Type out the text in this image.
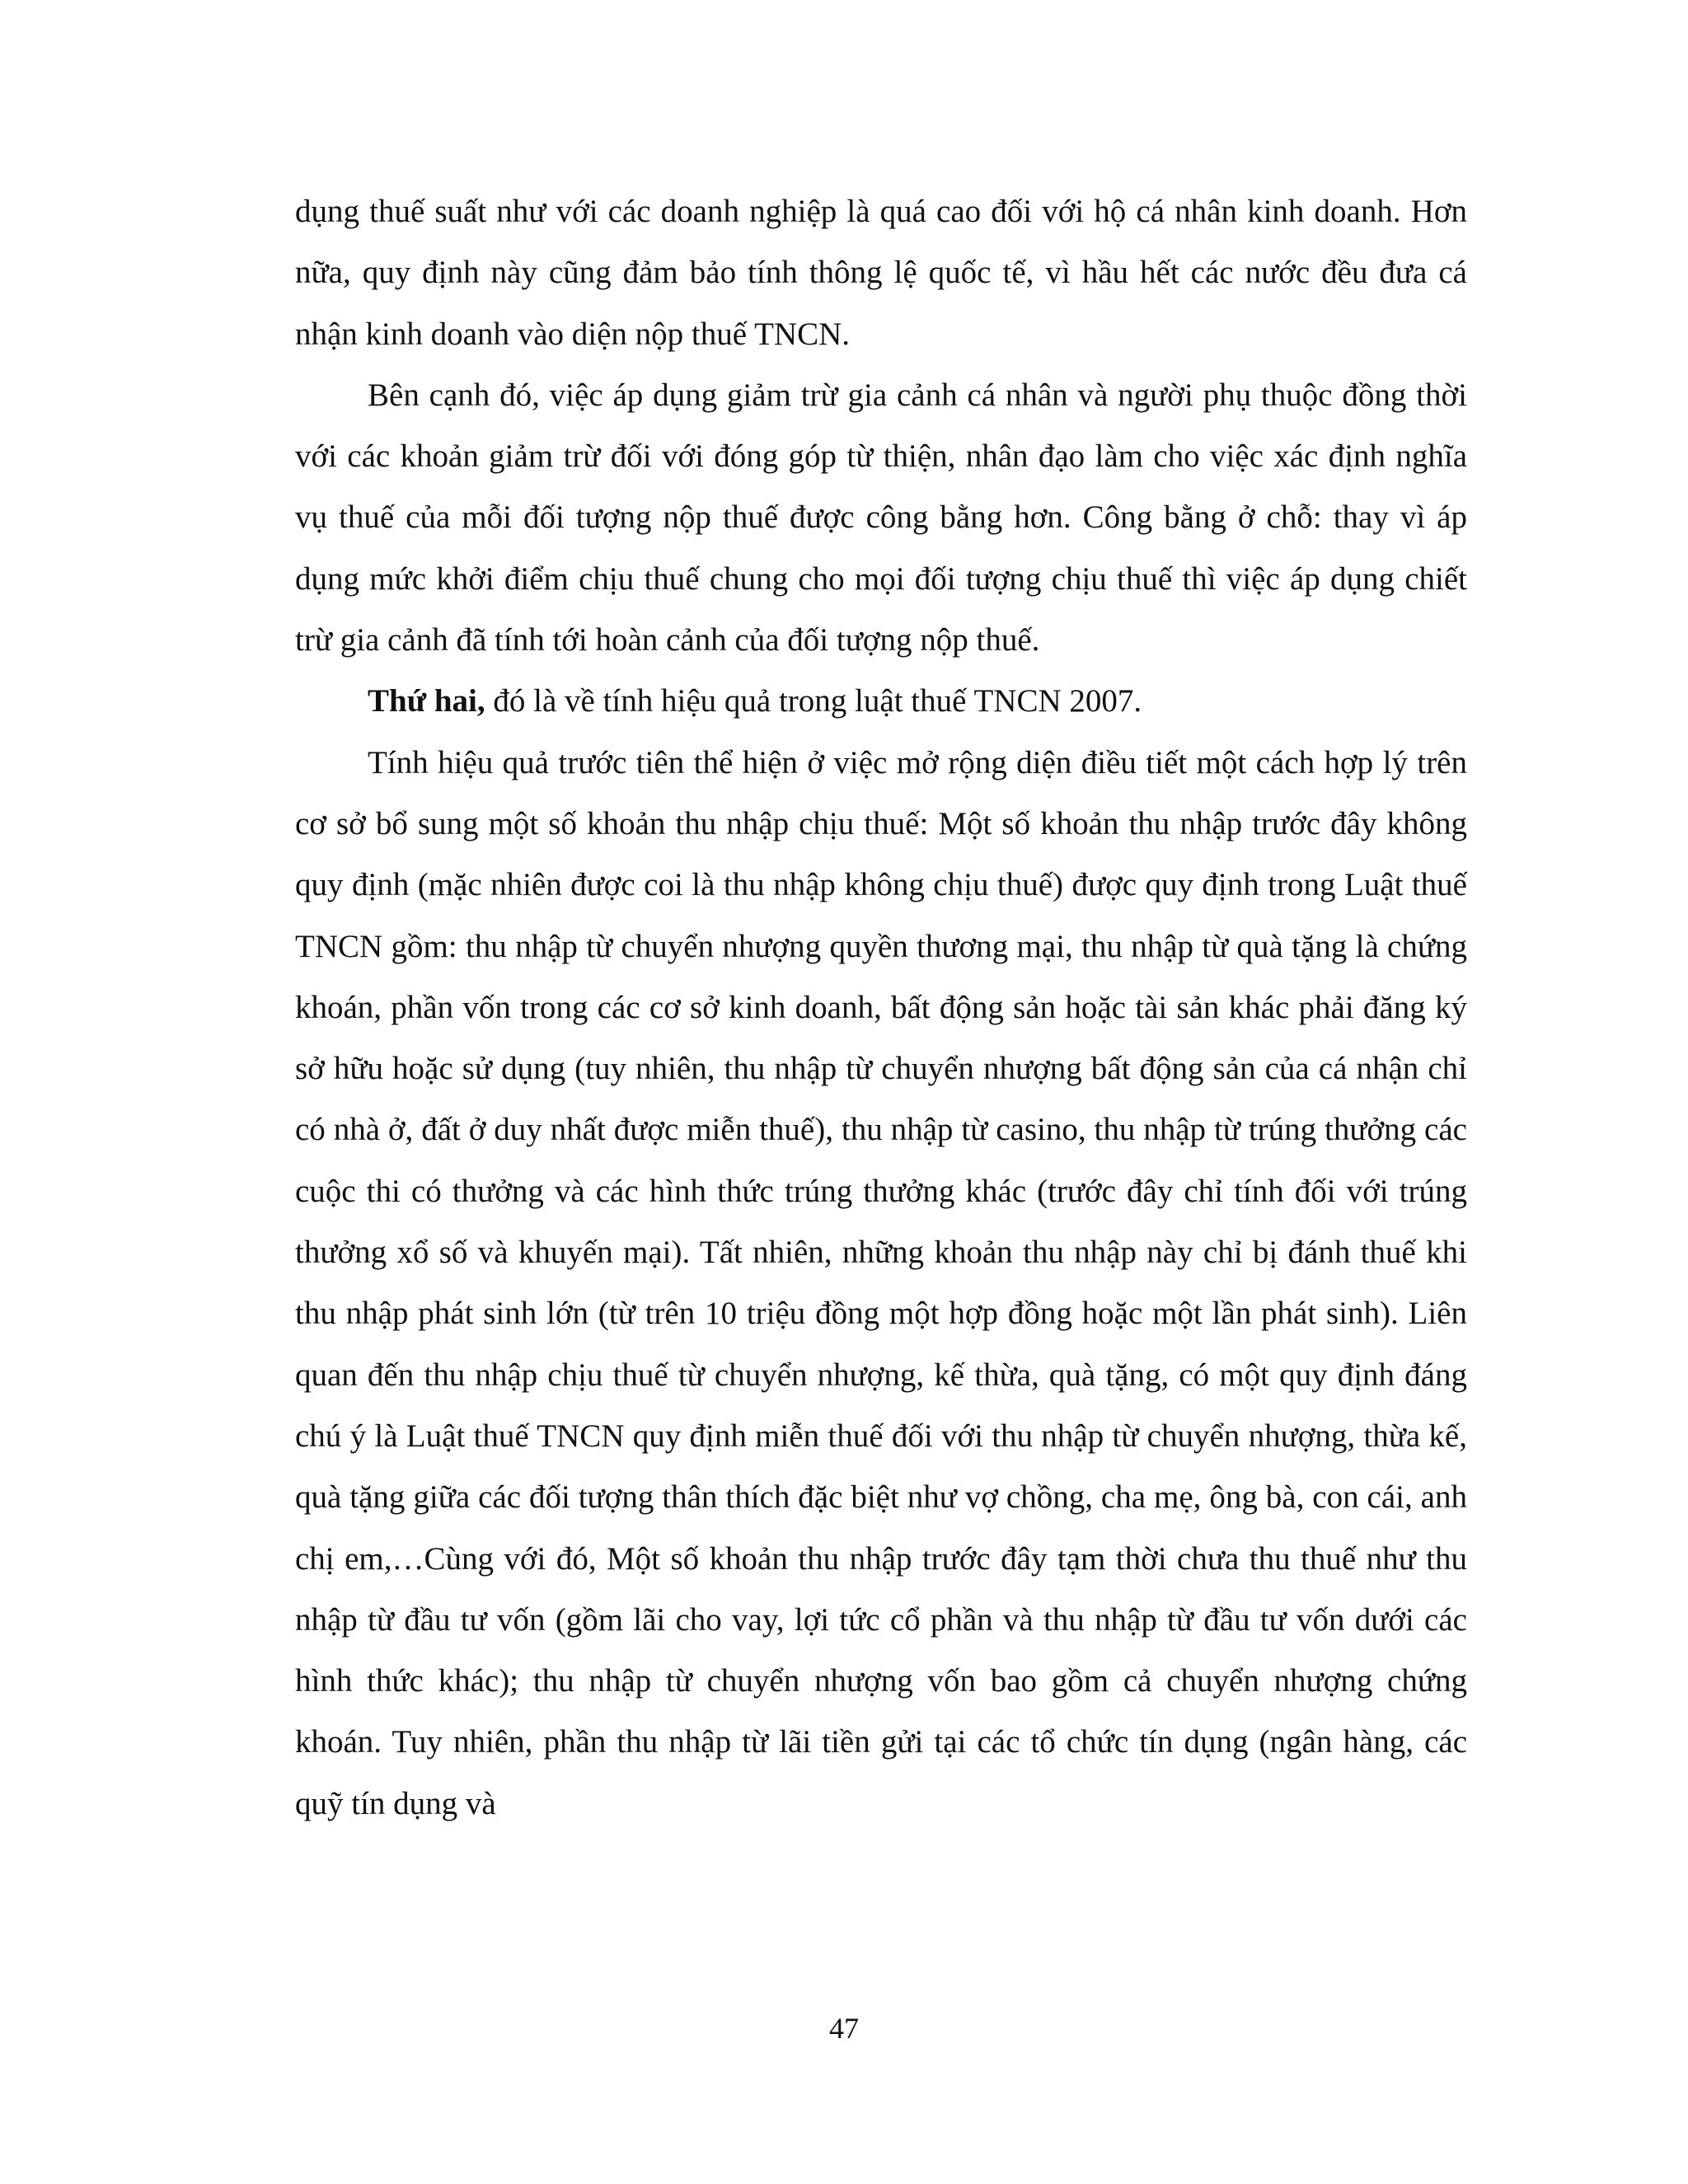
dụng thuế suất như với các doanh nghiệp là quá cao đối với hộ cá nhân kinh doanh. Hơn nữa, quy định này cũng đảm bảo tính thông lệ quốc tế, vì hầu hết các nước đều đưa cá nhận kinh doanh vào diện nộp thuế TNCN.

Bên cạnh đó, việc áp dụng giảm trừ gia cảnh cá nhân và người phụ thuộc đồng thời với các khoản giảm trừ đối với đóng góp từ thiện, nhân đạo làm cho việc xác định nghĩa vụ thuế của mỗi đối tượng nộp thuế được công bằng hơn. Công bằng ở chỗ: thay vì áp dụng mức khởi điểm chịu thuế chung cho mọi đối tượng chịu thuế thì việc áp dụng chiết trừ gia cảnh đã tính tới hoàn cảnh của đối tượng nộp thuế.

Thứ hai, đó là về tính hiệu quả trong luật thuế TNCN 2007.

Tính hiệu quả trước tiên thể hiện ở việc mở rộng diện điều tiết một cách hợp lý trên cơ sở bổ sung một số khoản thu nhập chịu thuế: Một số khoản thu nhập trước đây không quy định (mặc nhiên được coi là thu nhập không chịu thuế) được quy định trong Luật thuế TNCN gồm: thu nhập từ chuyển nhượng quyền thương mại, thu nhập từ quà tặng là chứng khoán, phần vốn trong các cơ sở kinh doanh, bất động sản hoặc tài sản khác phải đăng ký sở hữu hoặc sử dụng (tuy nhiên, thu nhập từ chuyển nhượng bất động sản của cá nhận chỉ có nhà ở, đất ở duy nhất được miễn thuế), thu nhập từ casino, thu nhập từ trúng thưởng các cuộc thi có thưởng và các hình thức trúng thưởng khác (trước đây chỉ tính đối với trúng thưởng xổ số và khuyến mại). Tất nhiên, những khoản thu nhập này chỉ bị đánh thuế khi thu nhập phát sinh lớn (từ trên 10 triệu đồng một hợp đồng hoặc một lần phát sinh). Liên quan đến thu nhập chịu thuế từ chuyển nhượng, kế thừa, quà tặng, có một quy định đáng chú ý là Luật thuế TNCN quy định miễn thuế đối với thu nhập từ chuyển nhượng, thừa kế, quà tặng giữa các đối tượng thân thích đặc biệt như vợ chồng, cha mẹ, ông bà, con cái, anh chị em,…Cùng với đó, Một số khoản thu nhập trước đây tạm thời chưa thu thuế như thu nhập từ đầu tư vốn (gồm lãi cho vay, lợi tức cổ phần và thu nhập từ đầu tư vốn dưới các hình thức khác); thu nhập từ chuyển nhượng vốn bao gồm cả chuyển nhượng chứng khoán. Tuy nhiên, phần thu nhập từ lãi tiền gửi tại các tổ chức tín dụng (ngân hàng, các quỹ tín dụng và

47
